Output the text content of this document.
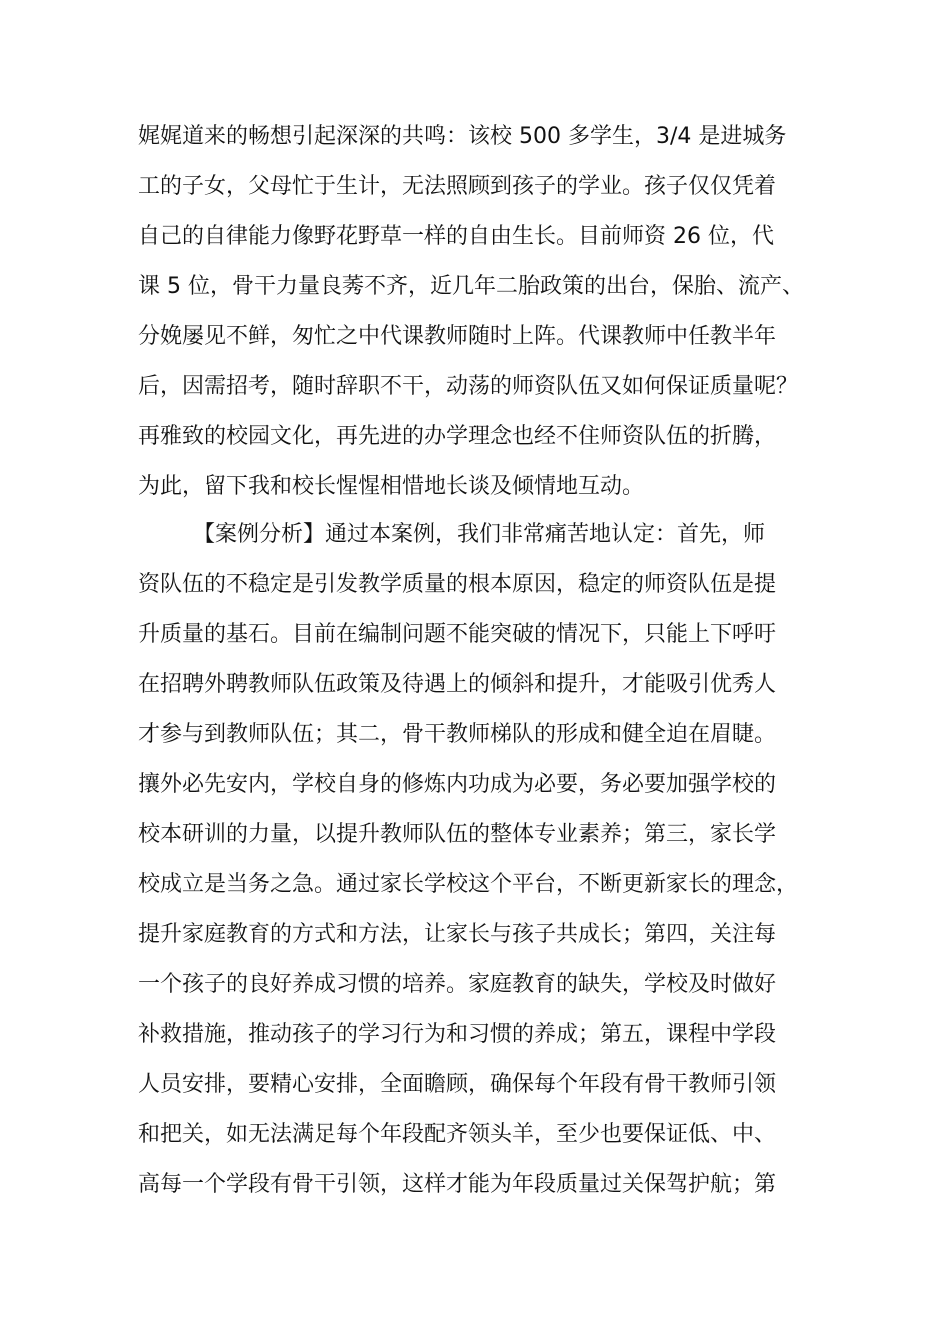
娓娓道来的畅想引起深深的共鸣：该校 500 多学生，3/4 是进城务
工的子女，父母忙于生计，无法照顾到孩子的学业。孩子仅仅凭着
自己的自律能力像野花野草一样的自由生长。目前师资 26 位，代
课 5 位，骨干力量良莠不齐，近几年二胎政策的出台，保胎、流产、
分娩屡见不鲜，匆忙之中代课教师随时上阵。代课教师中任教半年
后，因需招考，随时辞职不干，动荡的师资队伍又如何保证质量呢？
再雅致的校园文化，再先进的办学理念也经不住师资队伍的折腾，
为此，留下我和校长惺惺相惜地长谈及倾情地互动。
【案例分析】通过本案例，我们非常痛苦地认定：首先，师
资队伍的不稳定是引发教学质量的根本原因，稳定的师资队伍是提
升质量的基石。目前在编制问题不能突破的情况下，只能上下呼吁
在招聘外聘教师队伍政策及待遇上的倾斜和提升，才能吸引优秀人
才参与到教师队伍；其二，骨干教师梯队的形成和健全迫在眉睫。
攘外必先安内，学校自身的修炼内功成为必要，务必要加强学校的
校本研训的力量，以提升教师队伍的整体专业素养；第三，家长学
校成立是当务之急。通过家长学校这个平台，不断更新家长的理念，
提升家庭教育的方式和方法，让家长与孩子共成长；第四，关注每
一个孩子的良好养成习惯的培养。家庭教育的缺失，学校及时做好
补救措施，推动孩子的学习行为和习惯的养成；第五，课程中学段
人员安排，要精心安排，全面瞻顾，确保每个年段有骨干教师引领
和把关，如无法满足每个年段配齐领头羊，至少也要保证低、中、
高每一个学段有骨干引领，这样才能为年段质量过关保驾护航；第
